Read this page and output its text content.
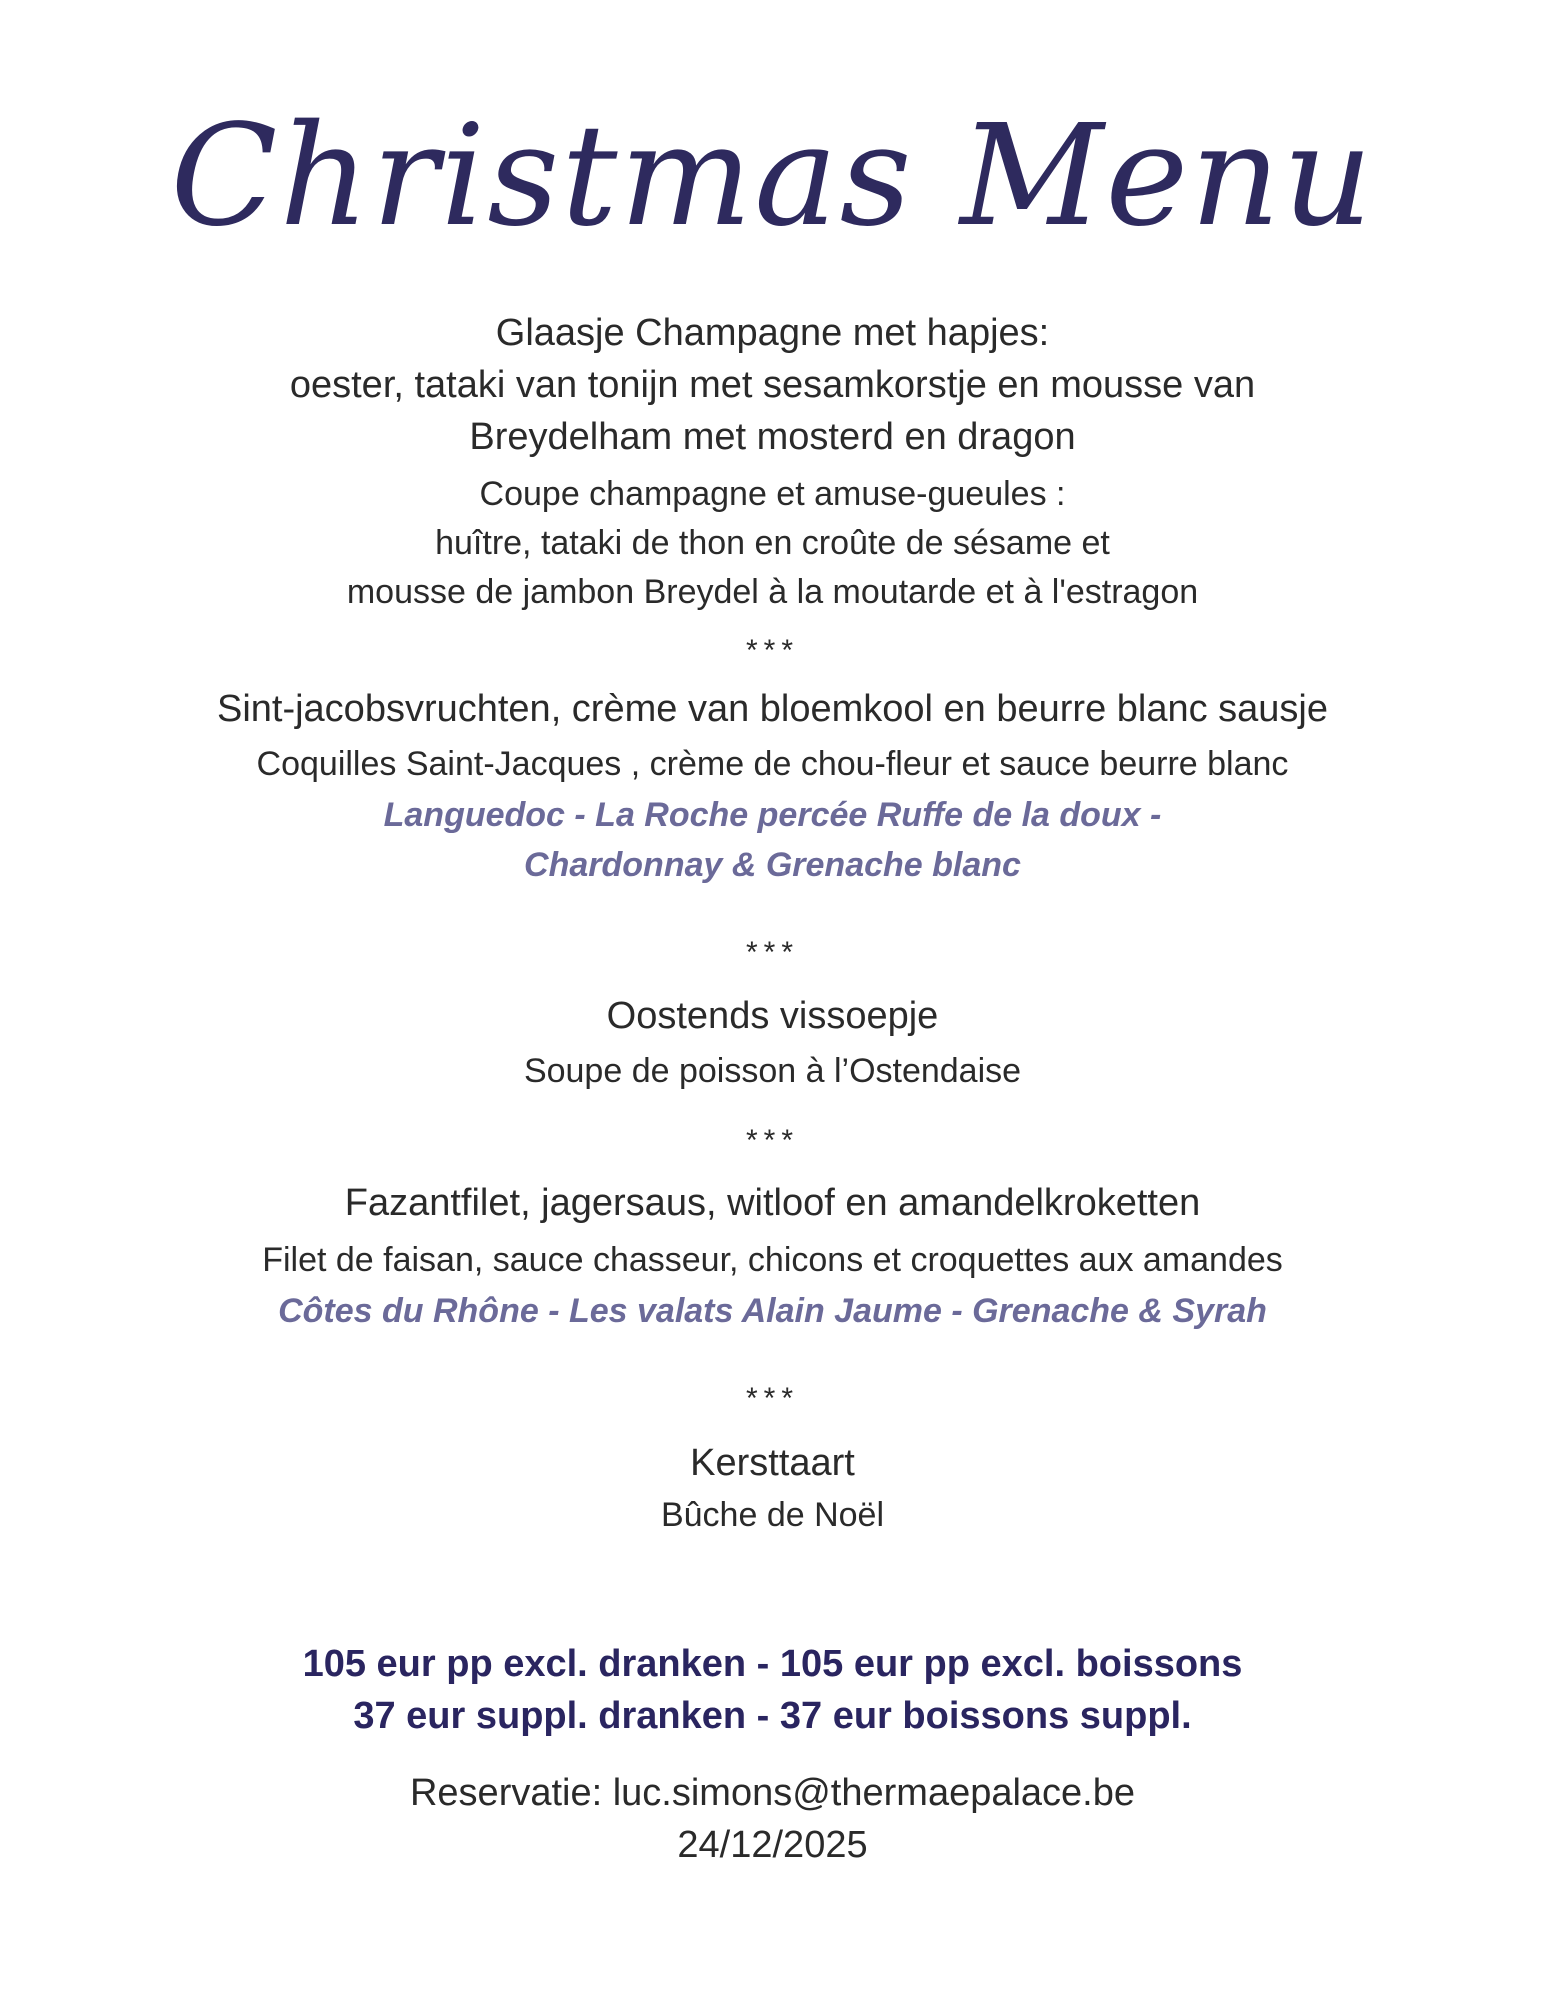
Christmas Menu
Glaasje Champagne met hapjes:
oester, tataki van tonijn met sesamkorstje en mousse van
Breydelham met mosterd en dragon
Coupe champagne et amuse-gueules :
huître, tataki de thon en croûte de sésame et
mousse de jambon Breydel à la moutarde et à l'estragon
***
Sint-jacobsvruchten, crème van bloemkool en beurre blanc sausje
Coquilles Saint-Jacques , crème de chou-fleur et sauce beurre blanc
Languedoc - La Roche percée Ruffe de la doux -
Chardonnay & Grenache blanc
***
Oostends vissoepje
Soupe de poisson à l’Ostendaise
***
Fazantfilet, jagersaus, witloof en amandelkroketten
Filet de faisan, sauce chasseur, chicons et croquettes aux amandes
Côtes du Rhône - Les valats Alain Jaume - Grenache & Syrah
***
Kersttaart
Bûche de Noël
105 eur pp excl. dranken - 105 eur pp excl. boissons
37 eur suppl. dranken - 37 eur boissons suppl.
Reservatie: luc.simons@thermaepalace.be
24/12/2025
